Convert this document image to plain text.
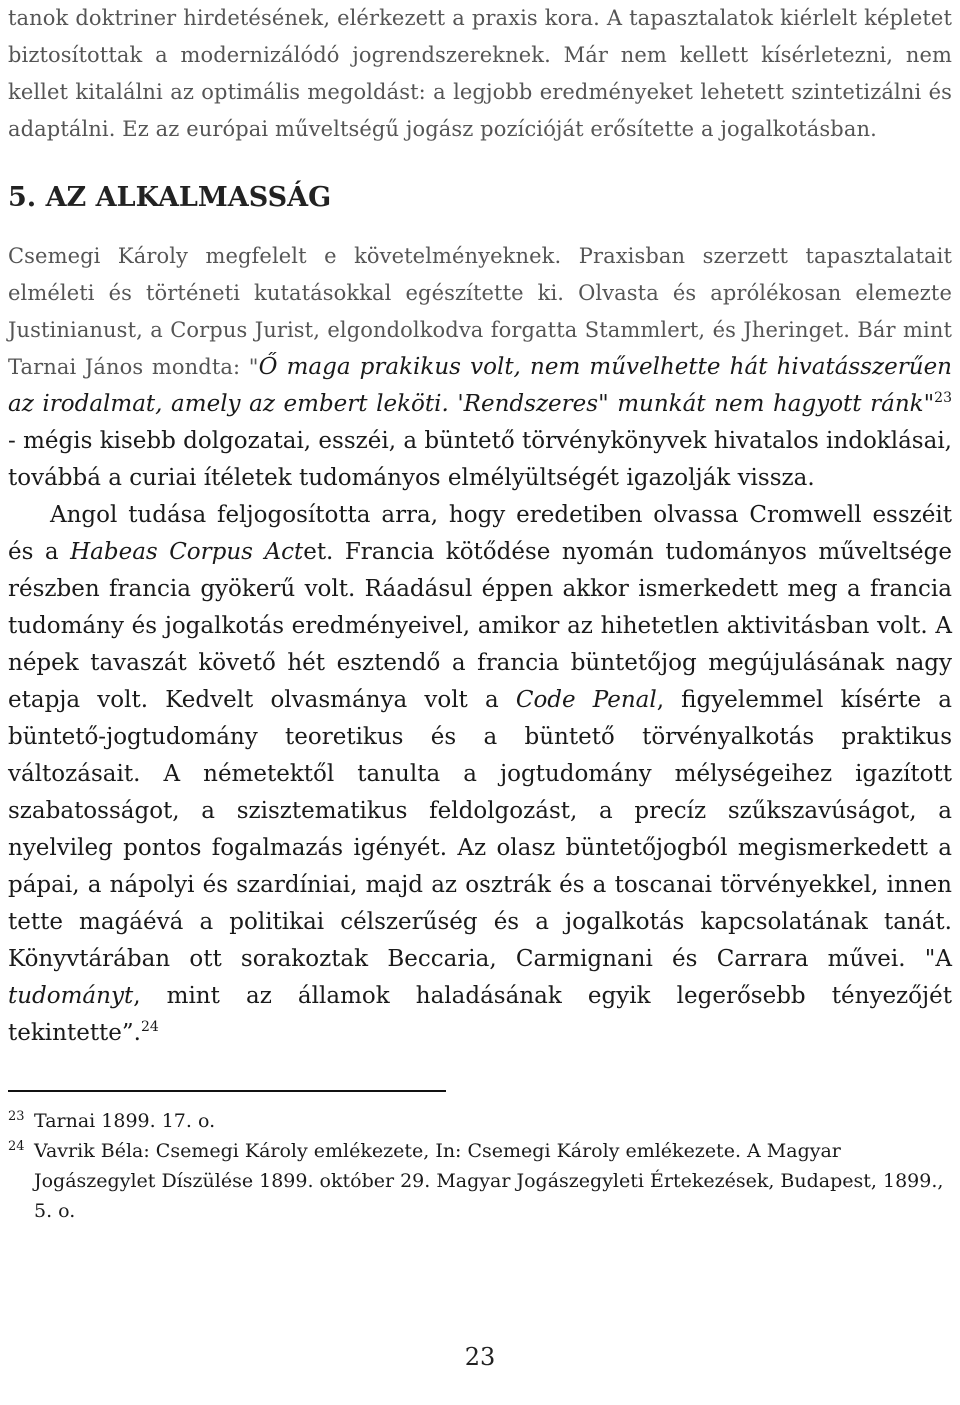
tanok doktriner hirdetésének, elérkezett a praxis kora. A tapasztalatok kiérlelt képletet biztosítottak a modernizálódó jogrendszereknek. Már nem kellett kísérletezni, nem kellet kitalálni az optimális megoldást: a legjobb eredményeket lehetett szintetizálni és adaptálni. Ez az európai műveltségű jogász pozícióját erősítette a jogalkotásban.

5. AZ ALKALMASSÁG

Csemegi Károly megfelelt e követelményeknek. Praxisban szerzett tapasztalatait elméleti és történeti kutatásokkal egészítette ki. Olvasta és aprólékosan elemezte Justinianust, a Corpus Jurist, elgondolkodva forgatta Stammlert, és Jheringet. Bár mint Tarnai János mondta: "Ő maga prakikus volt, nem művelhette hát hivatásszerűen az irodalmat, amely az embert leköti. 'Rendszeres" munkát nem hagyott ránk"$^{23}$ - mégis kisebb dolgozatai, esszéi, a büntető törvénykönyvek hivatalos indoklásai, továbbá a curiai ítéletek tudományos elmélyültségét igazolják vissza.

Angol tudása feljogosította arra, hogy eredetiben olvassa Cromwell esszéit és a Habeas Corpus Actet. Francia kötődése nyomán tudományos műveltsége részben francia gyökerű volt. Ráadásul éppen akkor ismerkedett meg a francia tudomány és jogalkotás eredményeivel, amikor az hihetetlen aktivitásban volt. A népek tavaszát követő hét esztendő a francia büntetőjog megújulásának nagy etapja volt. Kedvelt olvasmánya volt a Code Penal, figyelemmel kísérte a büntető-jogtudomány teoretikus és a büntető törvényalkotás praktikus változásait. A németektől tanulta a jogtudomány mélységeihez igazított szabatosságot, a szisztematikus feldolgozást, a precíz szűkszavúságot, a nyelvileg pontos fogalmazás igényét. Az olasz büntetőjogból megismerkedett a pápai, a nápolyi és szardíniai, majd az osztrák és a toscanai törvényekkel, innen tette magáévá a politikai célszerűség és a jogalkotás kapcsolatának tanát. Könyvtárában ott sorakoztak Beccaria, Carmignani és Carrara művei. "A tudományt, mint az államok haladásának egyik legerősebb tényezőjét tekintette”.$^{24}$

23 Tarnai 1899. 17. o.

24 Vavrik Béla: Csemegi Károly emlékezete, In: Csemegi Károly emlékezete. A Magyar Jogászegylet Díszülése 1899. október 29. Magyar Jogászegyleti Értekezések, Budapest, 1899., 5. o.

23
